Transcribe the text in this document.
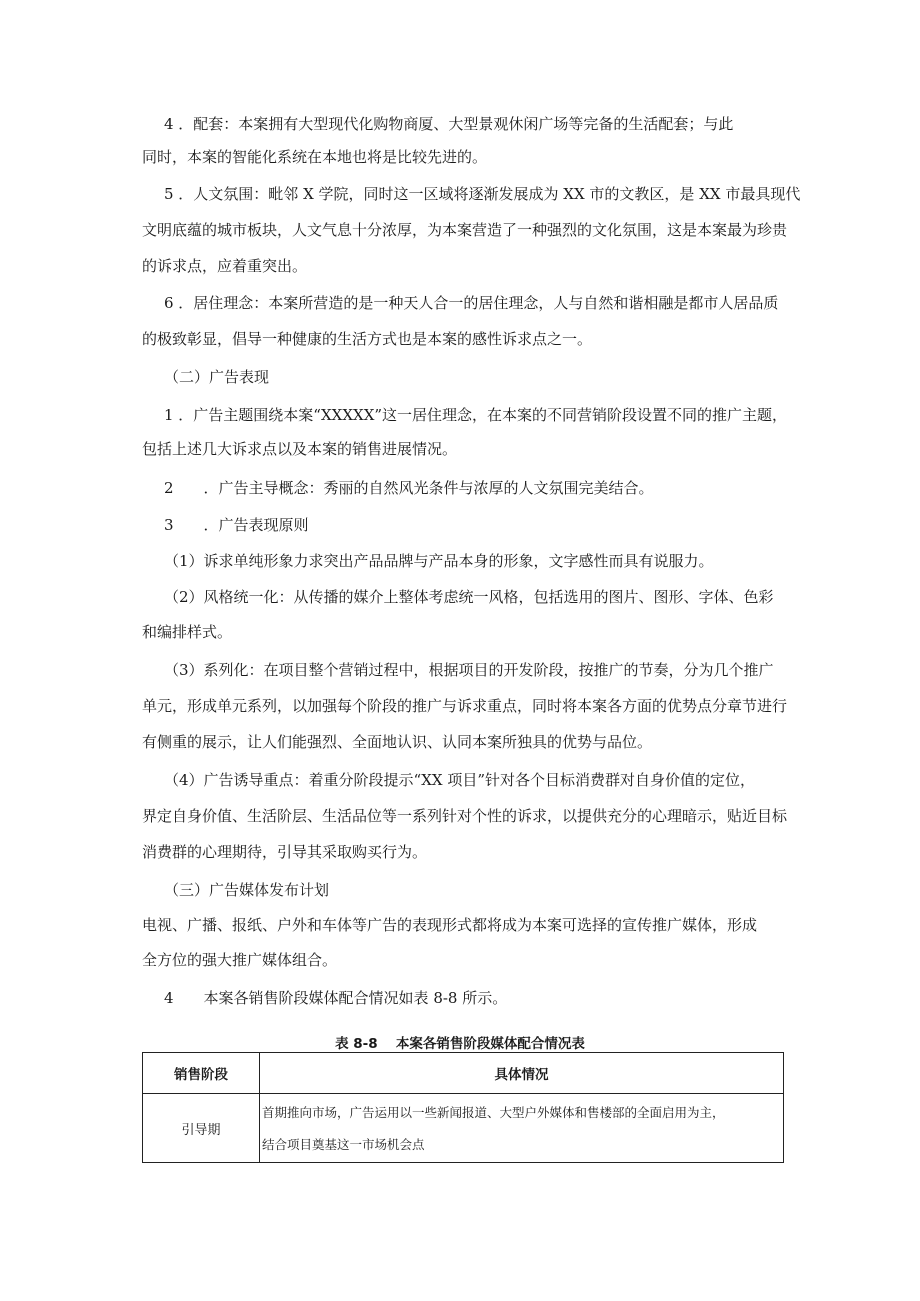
4 ．配套：本案拥有大型现代化购物商厦、大型景观休闲广场等完备的生活配套；与此
同时，本案的智能化系统在本地也将是比较先进的。
5 ．人文氛围：毗邻 X 学院，同时这一区域将逐渐发展成为 XX 市的文教区，是 XX 市最具现代
文明底蕴的城市板块，人文气息十分浓厚，为本案营造了一种强烈的文化氛围，这是本案最为珍贵
的诉求点，应着重突出。
6 ．居住理念：本案所营造的是一种天人合一的居住理念，人与自然和谐相融是都市人居品质
的极致彰显，倡导一种健康的生活方式也是本案的感性诉求点之一。
（二）广告表现
1 ．广告主题围绕本案“XXXXX”这一居住理念，在本案的不同营销阶段设置不同的推广主题，
包括上述几大诉求点以及本案的销售进展情况。
2　　．广告主导概念：秀丽的自然风光条件与浓厚的人文氛围完美结合。
3　　．广告表现原则
（1）诉求单纯形象力求突出产品品牌与产品本身的形象，文字感性而具有说服力。
（2）风格统一化：从传播的媒介上整体考虑统一风格，包括选用的图片、图形、字体、色彩
和编排样式。
（3）系列化：在项目整个营销过程中，根据项目的开发阶段，按推广的节奏，分为几个推广
单元，形成单元系列，以加强每个阶段的推广与诉求重点，同时将本案各方面的优势点分章节进行
有侧重的展示，让人们能强烈、全面地认识、认同本案所独具的优势与品位。
（4）广告诱导重点：着重分阶段提示“XX 项目”针对各个目标消费群对自身价值的定位，
界定自身价值、生活阶层、生活品位等一系列针对个性的诉求，以提供充分的心理暗示，贴近目标
消费群的心理期待，引导其采取购买行为。
（三）广告媒体发布计划
电视、广播、报纸、户外和车体等广告的表现形式都将成为本案可选择的宣传推广媒体，形成
全方位的强大推广媒体组合。
4　　本案各销售阶段媒体配合情况如表 8-8 所示。
表 8-8　 本案各销售阶段媒体配合情况表
销售阶段	具体情况
引导期	首期推向市场，广告运用以一些新闻报道、大型户外媒体和售楼部的全面启用为主，
结合项目奠基这一市场机会点
